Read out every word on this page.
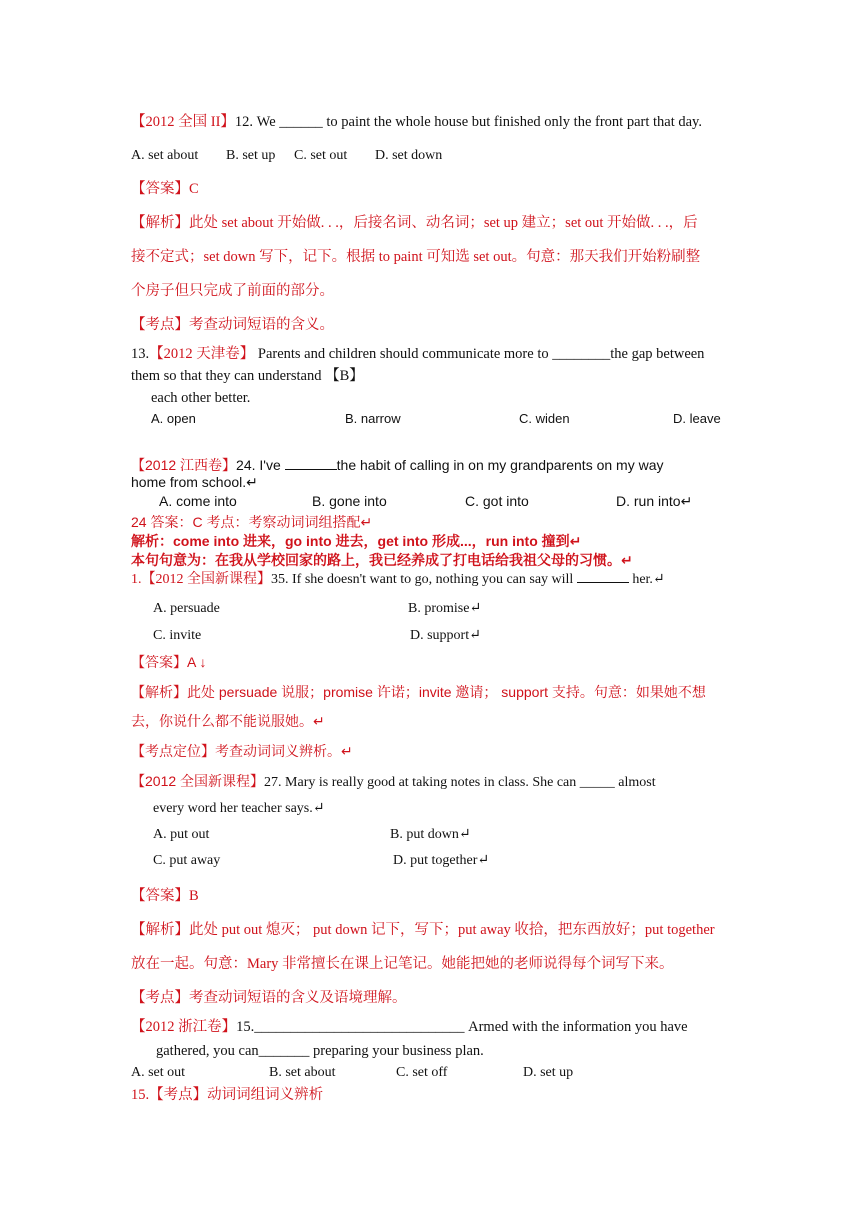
【2012 全国 II】12. We ______ to paint the whole house but finished only the front part that day.
A. set about B. set up C. set out D. set down
【答案】C
【解析】此处 set about 开始做. . .，后接名词、动名词；set up 建立；set out 开始做. . .，后
接不定式；set down 写下，记下。根据 to paint 可知选 set out。句意：那天我们开始粉刷整
个房子但只完成了前面的部分。
【考点】考查动词短语的含义。
13.【2012 天津卷】 Parents and children should communicate more to ________the gap between
them so that they can understand 【B】
each other better.
A. open	B. narrow	C. widen	D. leave
【2012 江西卷】24. I've	the habit of calling in on my grandparents on my way
home from school.↵
A. come into	B. gone into	C. got into	D. run into↵
24 答案：C 考点：考察动词词组搭配↵
解析：come into 进来，go into 进去，get into 形成...，run into 撞到↵
本句句意为：在我从学校回家的路上，我已经养成了打电话给我祖父母的习惯。↵
1.【2012 全国新课程】35. If she doesn't want to go, nothing you can say will	her.↵
A. persuade	B. promise↵
C. invite	D. support↵
【答案】A ↓
【解析】此处 persuade 说服；promise 许诺；invite 邀请； support 支持。句意：如果她不想
去，你说什么都不能说服她。↵
【考点定位】考查动词词义辨析。↵
【2012 全国新课程】27. Mary is really good at taking notes in class. She can _____ almost
every word her teacher says.↵
A. put out	B. put down↵
C. put away	D. put together↵
【答案】B
【解析】此处 put out 熄灭； put down 记下，写下；put away 收拾，把东西放好；put together
放在一起。句意：Mary 非常擅长在课上记笔记。她能把她的老师说得每个词写下来。
【考点】考查动词短语的含义及语境理解。
【2012 浙江卷】15._____________________________ Armed with the information you have
gathered, you can_______ preparing your business plan.
A. set out	B. set about	C. set off	D. set up
15.【考点】动词词组词义辨析
